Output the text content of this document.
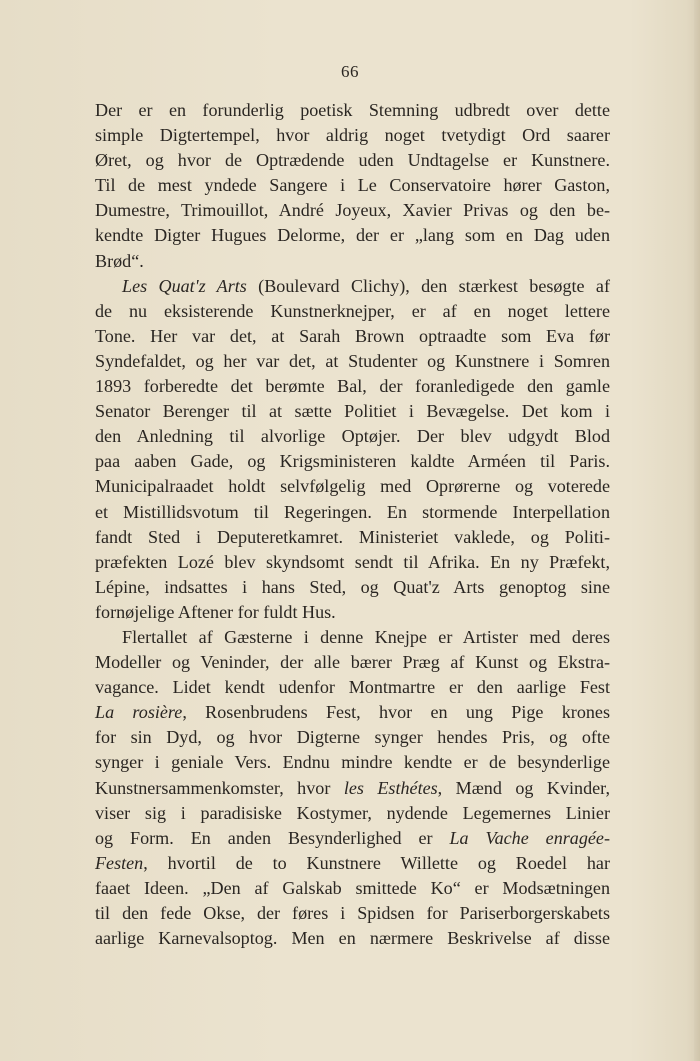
66

Der er en forunderlig poetisk Stemning udbredt over dette
simple Digtertempel, hvor aldrig noget tvetydigt Ord saarer
Øret, og hvor de Optrædende uden Undtagelse er Kunstnere.
Til de mest yndede Sangere i Le Conservatoire hører Gaston,
Dumestre, Trimouillot, André Joyeux, Xavier Privas og den be-
kendte Digter Hugues Delorme, der er „lang som en Dag uden
Brød“.

Les Quat'z Arts (Boulevard Clichy), den stærkest besøgte af
de nu eksisterende Kunstnerknejper, er af en noget lettere
Tone. Her var det, at Sarah Brown optraadte som Eva før
Syndefaldet, og her var det, at Studenter og Kunstnere i Somren
1893 forberedte det berømte Bal, der foranledigede den gamle
Senator Berenger til at sætte Politiet i Bevægelse. Det kom i
den Anledning til alvorlige Optøjer. Der blev udgydt Blod
paa aaben Gade, og Krigsministeren kaldte Arméen til Paris.
Municipalraadet holdt selvfølgelig med Oprørerne og voterede
et Mistillidsvotum til Regeringen. En stormende Interpellation
fandt Sted i Deputeretkamret. Ministeriet vaklede, og Politi-
præfekten Lozé blev skyndsomt sendt til Afrika. En ny Præfekt,
Lépine, indsattes i hans Sted, og Quat'z Arts genoptog sine
fornøjelige Aftener for fuldt Hus.

Flertallet af Gæsterne i denne Knejpe er Artister med deres
Modeller og Veninder, der alle bærer Præg af Kunst og Ekstra-
vagance. Lidet kendt udenfor Montmartre er den aarlige Fest
La rosière, Rosenbrudens Fest, hvor en ung Pige krones
for sin Dyd, og hvor Digterne synger hendes Pris, og ofte
synger i geniale Vers. Endnu mindre kendte er de besynderlige
Kunstnersammenkomster, hvor les Esthétes, Mænd og Kvinder,
viser sig i paradisiske Kostymer, nydende Legemernes Linier
og Form. En anden Besynderlighed er La Vache enragée-
Festen, hvortil de to Kunstnere Willette og Roedel har
faaet Ideen. „Den af Galskab smittede Ko“ er Modsætningen
til den fede Okse, der føres i Spidsen for Pariserborgerskabets
aarlige Karnevalsoptog. Men en nærmere Beskrivelse af disse
